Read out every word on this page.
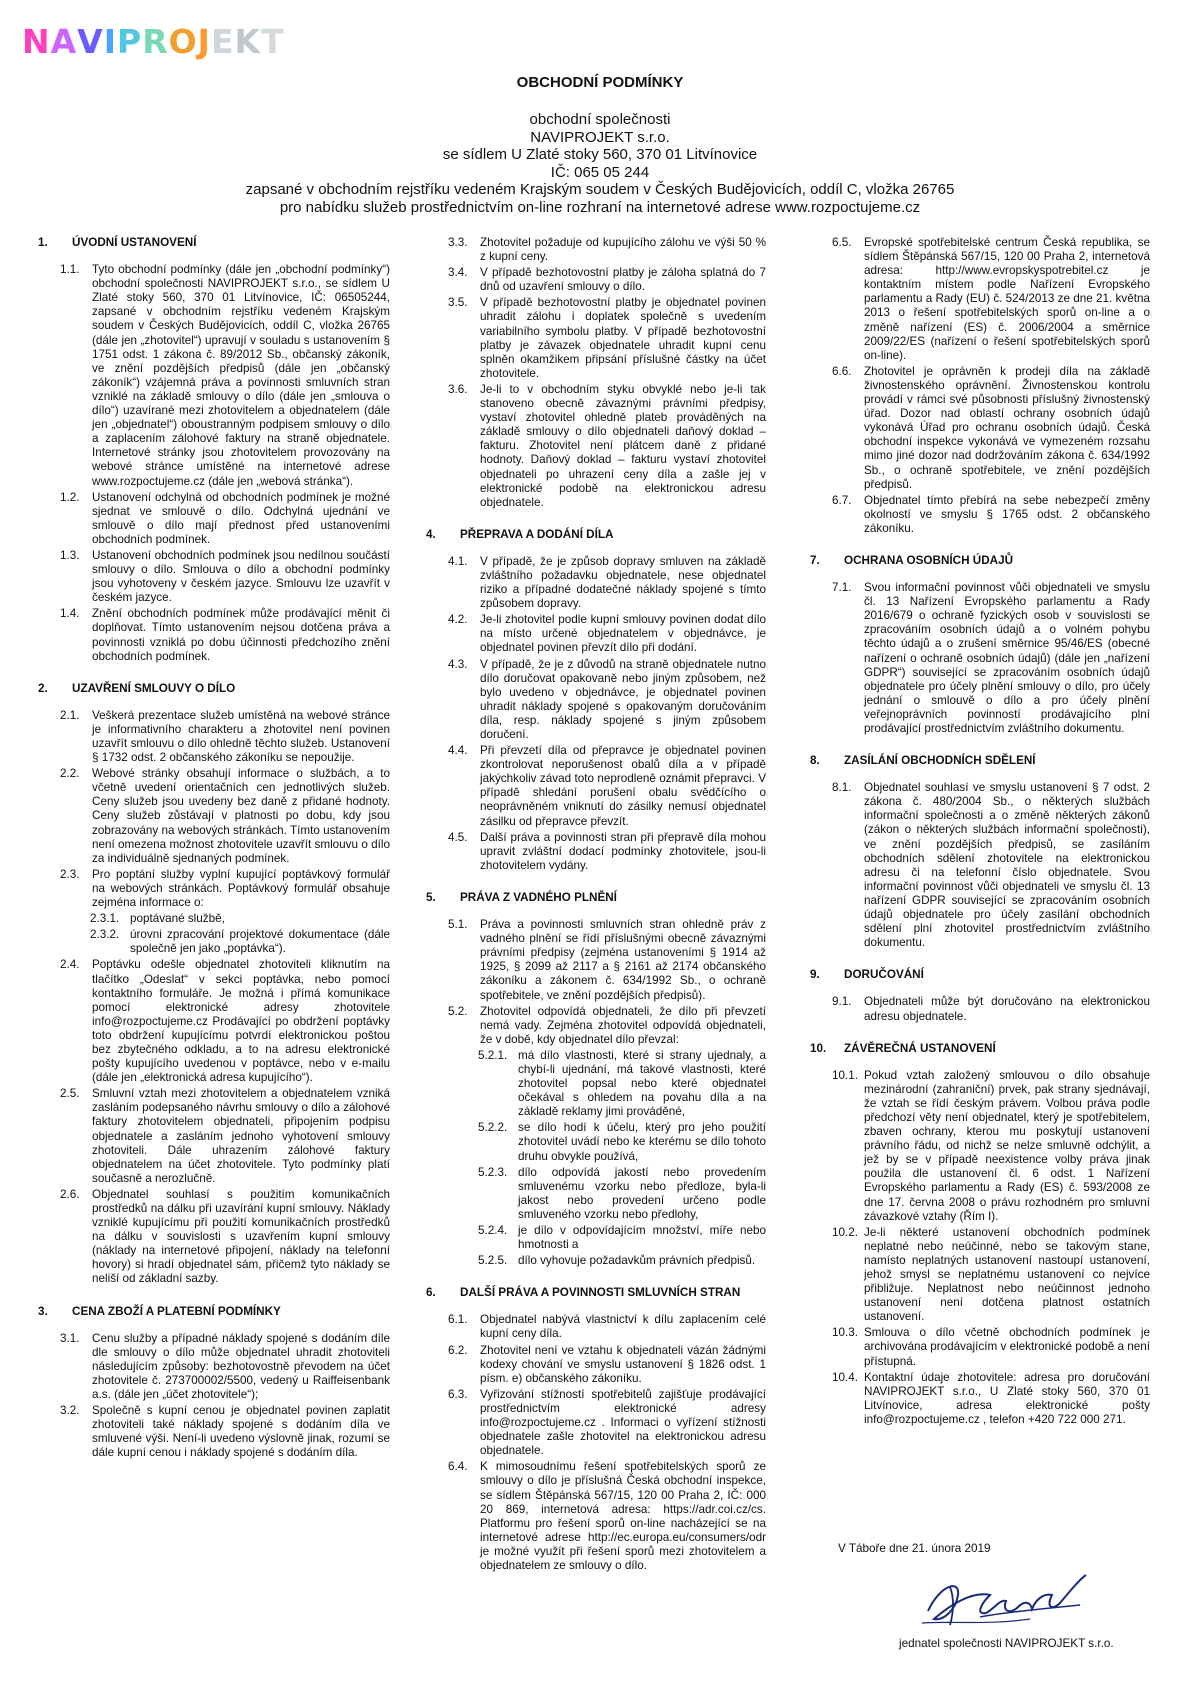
NAVIPROJEKT

OBCHODNÍ PODMÍNKY

obchodní společnosti

NAVIPROJEKT s.r.o.

se sídlem U Zlaté stoky 560, 370 01 Litvínovice

IČ: 065 05 244

zapsané v obchodním rejstříku vedeném Krajským soudem v Českých Budějovicích, oddíl C, vložka 26765

pro nabídku služeb prostřednictvím on-line rozhraní na internetové adrese www.rozpoctujeme.cz

1.	ÚVODNÍ USTANOVENÍ
1.1.	Tyto obchodní podmínky (dále jen „obchodní podmínky“) obchodní společnosti NAVIPROJEKT s.r.o., se sídlem U Zlaté stoky 560, 370 01 Litvínovice, IČ: 06505244, zapsané v obchodním rejstříku vedeném Krajským soudem v Českých Budějovicích, oddíl C, vložka 26765 (dále jen „zhotovitel“) upravují v souladu s ustanovením § 1751 odst. 1 zákona č. 89/2012 Sb., občanský zákoník, ve znění pozdějších předpisů (dále jen „občanský zákoník“) vzájemná práva a povinnosti smluvních stran vzniklé na základě smlouvy o dílo (dále jen „smlouva o dílo“) uzavírané mezi zhotovitelem a objednatelem (dále jen „objednatel“) oboustranným podpisem smlouvy o dílo a zaplacením zálohové faktury na straně objednatele. Internetové stránky jsou zhotovitelem provozovány na webové stránce umístěné na internetové adrese www.rozpoctujeme.cz (dále jen „webová stránka“).
1.2.	Ustanovení odchylná od obchodních podmínek je možné sjednat ve smlouvě o dílo. Odchylná ujednání ve smlouvě o dílo mají přednost před ustanoveními obchodních podmínek.
1.3.	Ustanovení obchodních podmínek jsou nedílnou součástí smlouvy o dílo. Smlouva o dílo a obchodní podmínky jsou vyhotoveny v českém jazyce. Smlouvu lze uzavřít v českém jazyce.
1.4.	Znění obchodních podmínek může prodávající měnit či doplňovat. Tímto ustanovením nejsou dotčena práva a povinnosti vzniklá po dobu účinnosti předchozího znění obchodních podmínek.
2.	UZAVŘENÍ SMLOUVY O DÍLO
2.1.	Veškerá prezentace služeb umístěná na webové stránce je informativního charakteru a zhotovitel není povinen uzavřít smlouvu o dílo ohledně těchto služeb. Ustanovení § 1732 odst. 2 občanského zákoníku se nepoužije.
2.2.	Webové stránky obsahují informace o službách, a to včetně uvedení orientačních cen jednotlivých služeb. Ceny služeb jsou uvedeny bez daně z přidané hodnoty. Ceny služeb zůstávají v platnosti po dobu, kdy jsou zobrazovány na webových stránkách. Tímto ustanovením není omezena možnost zhotovitele uzavřít smlouvu o dílo za individuálně sjednaných podmínek.
2.3.	Pro poptání služby vyplní kupující poptávkový formulář na webových stránkách. Poptávkový formulář obsahuje zejména informace o:
2.3.1. poptávané službě,
2.3.2. úrovni zpracování projektové dokumentace (dále společně jen jako „poptávka“).
2.4.	Poptávku odešle objednatel zhotoviteli kliknutím na tlačítko „Odeslat“ v sekci poptávka, nebo pomocí kontaktního formuláře. Je možná i přímá komunikace pomocí elektronické adresy zhotovitele info@rozpoctujeme.cz Prodávající po obdržení poptávky toto obdržení kupujícímu potvrdí elektronickou poštou bez zbytečného odkladu, a to na adresu elektronické pošty kupujícího uvedenou v poptávce, nebo v e-mailu (dále jen „elektronická adresa kupujícího“).
2.5.	Smluvní vztah mezi zhotovitelem a objednatelem vzniká zasláním podepsaného návrhu smlouvy o dílo a zálohové faktury zhotovitelem objednateli, připojením podpisu objednatele a zasláním jednoho vyhotovení smlouvy zhotoviteli. Dále uhrazením zálohové faktury objednatelem na účet zhotovitele. Tyto podmínky platí současně a nerozlučně.
2.6.	Objednatel souhlasí s použitím komunikačních prostředků na dálku při uzavírání kupní smlouvy. Náklady vzniklé kupujícímu při použití komunikačních prostředků na dálku v souvislosti s uzavřením kupní smlouvy (náklady na internetové připojení, náklady na telefonní hovory) si hradí objednatel sám, přičemž tyto náklady se neliší od základní sazby.
3.	CENA ZBOŽÍ A PLATEBNÍ PODMÍNKY
3.1.	Cenu služby a případné náklady spojené s dodáním díle dle smlouvy o dílo může objednatel uhradit zhotoviteli následujícím způsoby: bezhotovostně převodem na účet zhotovitele č. 273700002/5500, vedený u Raiffeisenbank a.s. (dále jen „účet zhotovitele“);
3.2.	Společně s kupní cenou je objednatel povinen zaplatit zhotoviteli také náklady spojené s dodáním díla ve smluvené výši. Není-li uvedeno výslovně jinak, rozumí se dále kupní cenou i náklady spojené s dodáním díla.
3.3.	Zhotovitel požaduje od kupujícího zálohu ve výši 50 % z kupní ceny.
3.4.	V případě bezhotovostní platby je záloha splatná do 7 dnů od uzavření smlouvy o dílo.
3.5.	V případě bezhotovostní platby je objednatel povinen uhradit zálohu i doplatek společně s uvedením variabilního symbolu platby. V případě bezhotovostní platby je závazek objednatele uhradit kupní cenu splněn okamžikem připsání příslušné částky na účet zhotovitele.
3.6.	Je-li to v obchodním styku obvyklé nebo je-li tak stanoveno obecně závaznými právními předpisy, vystaví zhotovitel ohledně plateb prováděných na základě smlouvy o dílo objednateli daňový doklad – fakturu. Zhotovitel není plátcem daně z přidané hodnoty. Daňový doklad – fakturu vystaví zhotovitel objednateli po uhrazení ceny díla a zašle jej v elektronické podobě na elektronickou adresu objednatele.
4.	PŘEPRAVA A DODÁNÍ DÍLA
4.1.	V případě, že je způsob dopravy smluven na základě zvláštního požadavku objednatele, nese objednatel riziko a případné dodatečné náklady spojené s tímto způsobem dopravy.
4.2.	Je-li zhotovitel podle kupní smlouvy povinen dodat dílo na místo určené objednatelem v objednávce, je objednatel povinen převzít dílo při dodání.
4.3.	V případě, že je z důvodů na straně objednatele nutno dílo doručovat opakovaně nebo jiným způsobem, než bylo uvedeno v objednávce, je objednatel povinen uhradit náklady spojené s opakovaným doručováním díla, resp. náklady spojené s jiným způsobem doručení.
4.4.	Při převzetí díla od přepravce je objednatel povinen zkontrolovat neporušenost obalů díla a v případě jakýchkoliv závad toto neprodleně oznámit přepravci. V případě shledání porušení obalu svědčícího o neoprávněném vniknutí do zásilky nemusí objednatel zásilku od přepravce převzít.
4.5.	Další práva a povinnosti stran při přepravě díla mohou upravit zvláštní dodací podmínky zhotovitele, jsou-li zhotovitelem vydány.
5.	PRÁVA Z VADNÉHO PLNĚNÍ
5.1.	Práva a povinnosti smluvních stran ohledně práv z vadného plnění se řídí příslušnými obecně závaznými právními předpisy (zejména ustanoveními § 1914 až 1925, § 2099 až 2117 a § 2161 až 2174 občanského zákoníku a zákonem č. 634/1992 Sb., o ochraně spotřebitele, ve znění pozdějších předpisů).
5.2.	Zhotovitel odpovídá objednateli, že dílo při převzetí nemá vady. Zejména zhotovitel odpovídá objednateli, že v době, kdy objednatel dílo převzal:
5.2.1. má dílo vlastnosti, které si strany ujednaly, a chybí-li ujednání, má takové vlastnosti, které zhotovitel popsal nebo které objednatel očekával s ohledem na povahu díla a na základě reklamy jimi prováděné,
5.2.2. se dílo hodí k účelu, který pro jeho použití zhotovitel uvádí nebo ke kterému se dílo tohoto druhu obvykle používá,
5.2.3. dílo odpovídá jakostí nebo provedením smluvenému vzorku nebo předloze, byla-li jakost nebo provedení určeno podle smluveného vzorku nebo předlohy,
5.2.4. je dílo v odpovídajícím množství, míře nebo hmotnosti a
5.2.5. dílo vyhovuje požadavkům právních předpisů.
6.	DALŠÍ PRÁVA A POVINNOSTI SMLUVNÍCH STRAN
6.1.	Objednatel nabývá vlastnictví k dílu zaplacením celé kupní ceny díla.
6.2.	Zhotovitel není ve vztahu k objednateli vázán žádnými kodexy chování ve smyslu ustanovení § 1826 odst. 1 písm. e) občanského zákoníku.
6.3.	Vyřizování stížností spotřebitelů zajišťuje prodávající prostřednictvím elektronické adresy info@rozpoctujeme.cz . Informaci o vyřízení stížnosti objednatele zašle zhotovitel na elektronickou adresu objednatele.
6.4.	K mimosoudnímu řešení spotřebitelských sporů ze smlouvy o dílo je příslušná Česká obchodní inspekce, se sídlem Štěpánská 567/15, 120 00 Praha 2, IČ: 000 20 869, internetová adresa: https://adr.coi.cz/cs. Platformu pro řešení sporů on-line nacházející se na internetové adrese http://ec.europa.eu/consumers/odr je možné využít při řešení sporů mezi zhotovitelem a objednatelem ze smlouvy o dílo.
6.5.	Evropské spotřebitelské centrum Česká republika, se sídlem Štěpánská 567/15, 120 00 Praha 2, internetová adresa: http://www.evropskyspotrebitel.cz je kontaktním místem podle Nařízení Evropského parlamentu a Rady (EU) č. 524/2013 ze dne 21. května 2013 o řešení spotřebitelských sporů on-line a o změně nařízení (ES) č. 2006/2004 a směrnice 2009/22/ES (nařízení o řešení spotřebitelských sporů on-line).
6.6.	Zhotovitel je oprávněn k prodeji díla na základě živnostenského oprávnění. Živnostenskou kontrolu provádí v rámci své působnosti příslušný živnostenský úřad. Dozor nad oblastí ochrany osobních údajů vykonává Úřad pro ochranu osobních údajů. Česká obchodní inspekce vykonává ve vymezeném rozsahu mimo jiné dozor nad dodržováním zákona č. 634/1992 Sb., o ochraně spotřebitele, ve znění pozdějších předpisů.
6.7.	Objednatel tímto přebírá na sebe nebezpečí změny okolností ve smyslu § 1765 odst. 2 občanského zákoníku.
7.	OCHRANA OSOBNÍCH ÚDAJŮ
7.1.	Svou informační povinnost vůči objednateli ve smyslu čl. 13 Nařízení Evropského parlamentu a Rady 2016/679 o ochraně fyzických osob v souvislosti se zpracováním osobních údajů a o volném pohybu těchto údajů a o zrušení směrnice 95/46/ES (obecné nařízení o ochraně osobních údajů) (dále jen „nařízení GDPR“) související se zpracováním osobních údajů objednatele pro účely plnění smlouvy o dílo, pro účely jednání o smlouvě o dílo a pro účely plnění veřejnoprávních povinností prodávajícího plní prodávající prostřednictvím zvláštního dokumentu.
8.	ZASÍLÁNÍ OBCHODNÍCH SDĚLENÍ
8.1.	Objednatel souhlasí ve smyslu ustanovení § 7 odst. 2 zákona č. 480/2004 Sb., o některých službách informační společnosti a o změně některých zákonů (zákon o některých službách informační společnosti), ve znění pozdějších předpisů, se zasíláním obchodních sdělení zhotovitele na elektronickou adresu či na telefonní číslo objednatele. Svou informační povinnost vůči objednateli ve smyslu čl. 13 nařízení GDPR související se zpracováním osobních údajů objednatele pro účely zasílání obchodních sdělení plní zhotovitel prostřednictvím zvláštního dokumentu.
9.	DORUČOVÁNÍ
9.1.	Objednateli může být doručováno na elektronickou adresu objednatele.
10.	ZÁVĚREČNÁ USTANOVENÍ
10.1. Pokud vztah založený smlouvou o dílo obsahuje mezinárodní (zahraniční) prvek, pak strany sjednávají, že vztah se řídí českým právem. Volbou práva podle předchozí věty není objednatel, který je spotřebitelem, zbaven ochrany, kterou mu poskytují ustanovení právního řádu, od nichž se nelze smluvně odchýlit, a jež by se v případě neexistence volby práva jinak použila dle ustanovení čl. 6 odst. 1 Nařízení Evropského parlamentu a Rady (ES) č. 593/2008 ze dne 17. června 2008 o právu rozhodném pro smluvní závazkové vztahy (Řím I).
10.2. Je-li některé ustanovení obchodních podmínek neplatné nebo neúčinné, nebo se takovým stane, namísto neplatných ustanovení nastoupí ustanovení, jehož smysl se neplatnému ustanovení co nejvíce přibližuje. Neplatnost nebo neúčinnost jednoho ustanovení není dotčena platnost ostatních ustanovení.
10.3. Smlouva o dílo včetně obchodních podmínek je archivována prodávajícím v elektronické podobě a není přístupná.
10.4. Kontaktní údaje zhotovitele: adresa pro doručování NAVIPROJEKT s.r.o., U Zlaté stoky 560, 370 01 Litvínovice, adresa elektronické pošty info@rozpoctujeme.cz , telefon +420 722 000 271.
V Táboře dne 21. února 2019
jednatel společnosti NAVIPROJEKT s.r.o.
